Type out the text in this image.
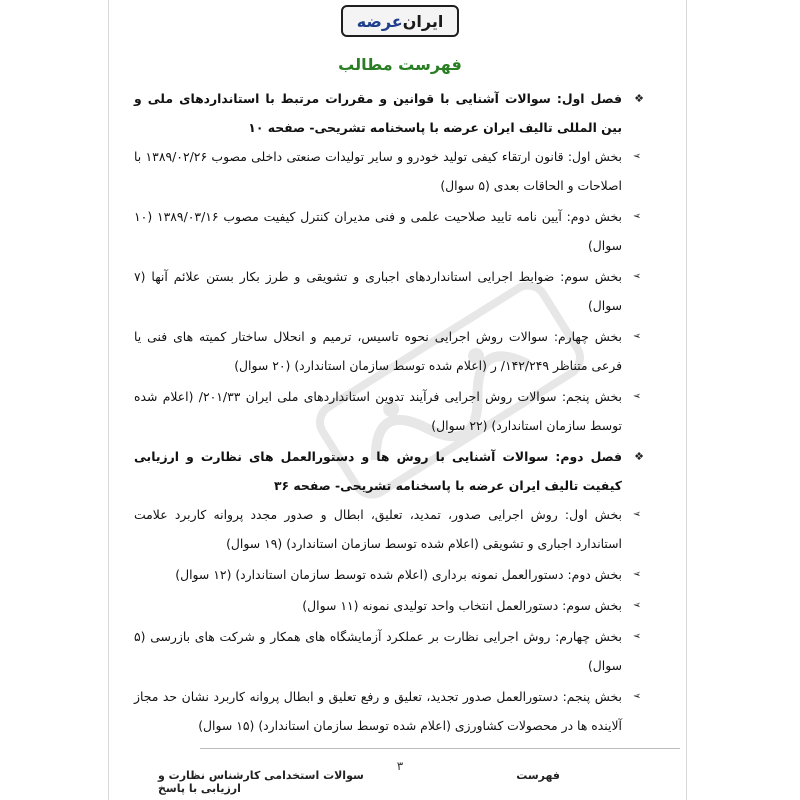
ایران
عرضه
فهرست مطالب
❖
فصل اول: سوالات آشنایی با قوانین و مقررات مرتبط با استانداردهای ملی و بین المللی تالیف ایران عرضه با پاسخنامه تشریحی- صفحه ۱۰
➢
بخش اول: قانون ارتقاء کیفی تولید خودرو و سایر تولیدات صنعتی داخلی مصوب ۱۳۸۹/۰۲/۲۶ با اصلاحات و الحاقات بعدی (۵ سوال)
➢
بخش دوم: آیین نامه تایید صلاحیت علمی و فنی مدیران کنترل کیفیت مصوب ۱۳۸۹/۰۳/۱۶ (۱۰ سوال)
➢
بخش سوم: ضوابط اجرایی استانداردهای اجباری و تشویقی و طرز بکار بستن علائم آنها (۷ سوال)
➢
بخش چهارم: سوالات روش اجرایی نحوه تاسیس، ترمیم و انحلال ساختار کمیته های فنی یا فرعی متناظر ۱۴۲/۲۴۹/ ر (اعلام شده توسط سازمان استاندارد) (۲۰ سوال)
➢
بخش پنجم: سوالات روش اجرایی فرآیند تدوین استانداردهای ملی ایران ۲۰۱/۳۳/ (اعلام شده توسط سازمان استاندارد) (۲۲ سوال)
❖
فصل دوم: سوالات آشنایی با روش ها و دستورالعمل های نظارت و ارزیابی کیفیت تالیف ایران عرضه با پاسخنامه تشریحی- صفحه ۳۶
➢
بخش اول: روش اجرایی صدور، تمدید، تعلیق، ابطال و صدور مجدد پروانه کاربرد علامت استاندارد اجباری و تشویقی (اعلام شده توسط سازمان استاندارد) (۱۹ سوال)
➢
بخش دوم: دستورالعمل نمونه برداری (اعلام شده توسط سازمان استاندارد) (۱۲ سوال)
➢
بخش سوم: دستورالعمل انتخاب واحد تولیدی نمونه (۱۱ سوال)
➢
بخش چهارم: روش اجرایی نظارت بر عملکرد آزمایشگاه های همکار و شرکت های بازرسی (۵ سوال)
➢
بخش پنجم: دستورالعمل صدور تجدید، تعلیق و رفع تعلیق و ابطال پروانه کاربرد نشان حد مجاز آلاینده ها در محصولات کشاورزی (اعلام شده توسط سازمان استاندارد) (۱۵ سوال)
۳
سوالات استخدامی کارشناس نظارت و ارزیابی با پاسخ
فهرست
